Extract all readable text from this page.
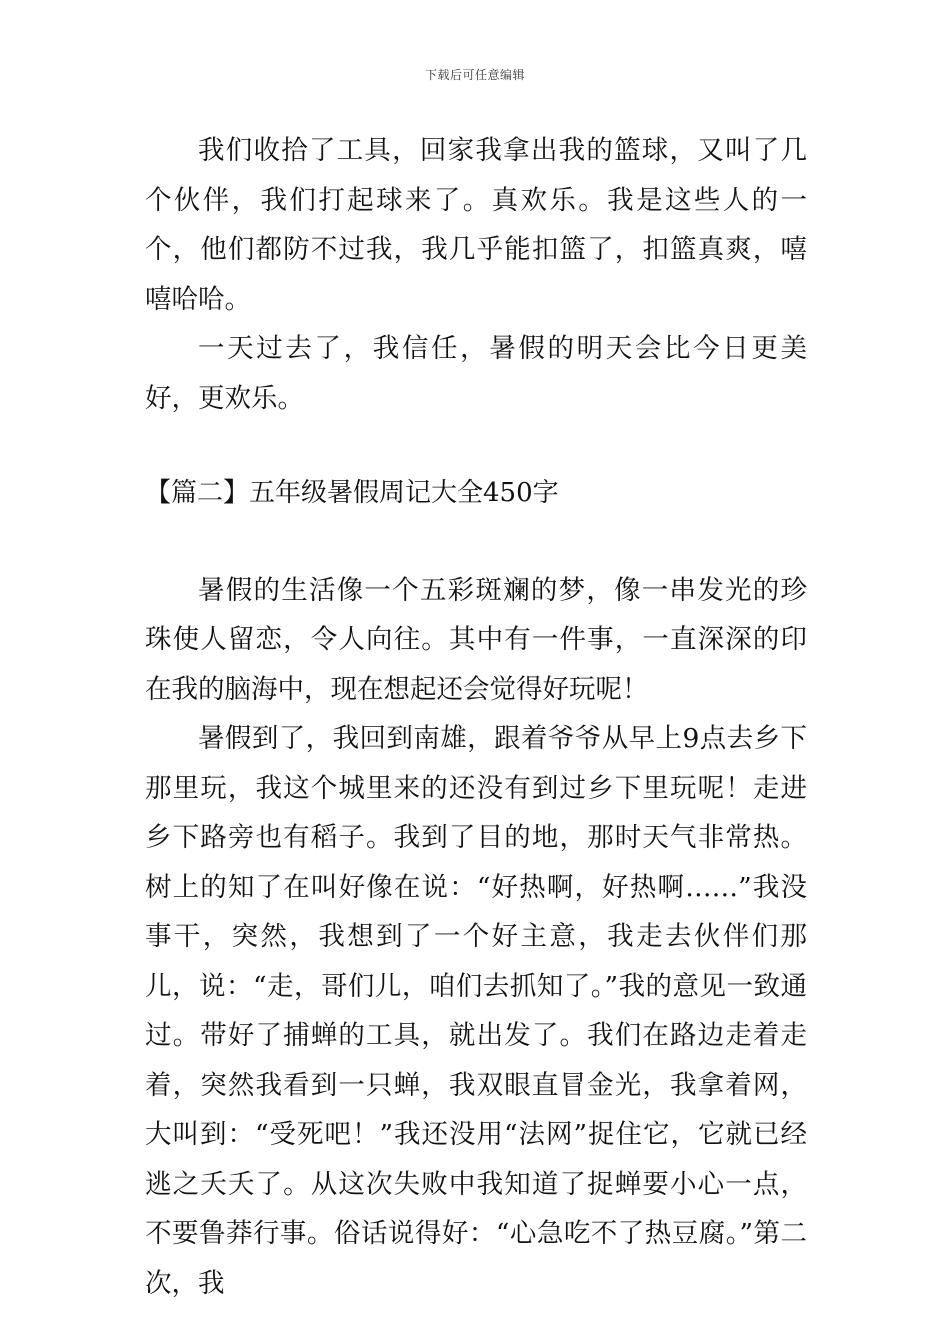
下载后可任意编辑

我们收拾了工具，回家我拿出我的篮球，又叫了几个伙伴，我们打起球来了。真欢乐。我是这些人的一个，他们都防不过我，我几乎能扣篮了，扣篮真爽，嘻嘻哈哈。

一天过去了，我信任，暑假的明天会比今日更美好，更欢乐。

【篇二】五年级暑假周记大全450字

暑假的生活像一个五彩斑斓的梦，像一串发光的珍珠使人留恋，令人向往。其中有一件事，一直深深的印在我的脑海中，现在想起还会觉得好玩呢！

暑假到了，我回到南雄，跟着爷爷从早上9点去乡下那里玩，我这个城里来的还没有到过乡下里玩呢！走进乡下路旁也有稻子。我到了目的地，那时天气非常热。树上的知了在叫好像在说：“好热啊，好热啊……”我没事干，突然，我想到了一个好主意，我走去伙伴们那儿，说：“走，哥们儿，咱们去抓知了。”我的意见一致通过。带好了捕蝉的工具，就出发了。我们在路边走着走着，突然我看到一只蝉，我双眼直冒金光，我拿着网，大叫到：“受死吧！”我还没用“法网”捉住它，它就已经逃之夭夭了。从这次失败中我知道了捉蝉要小心一点，不要鲁莽行事。俗话说得好：“心急吃不了热豆腐。”第二次，我
